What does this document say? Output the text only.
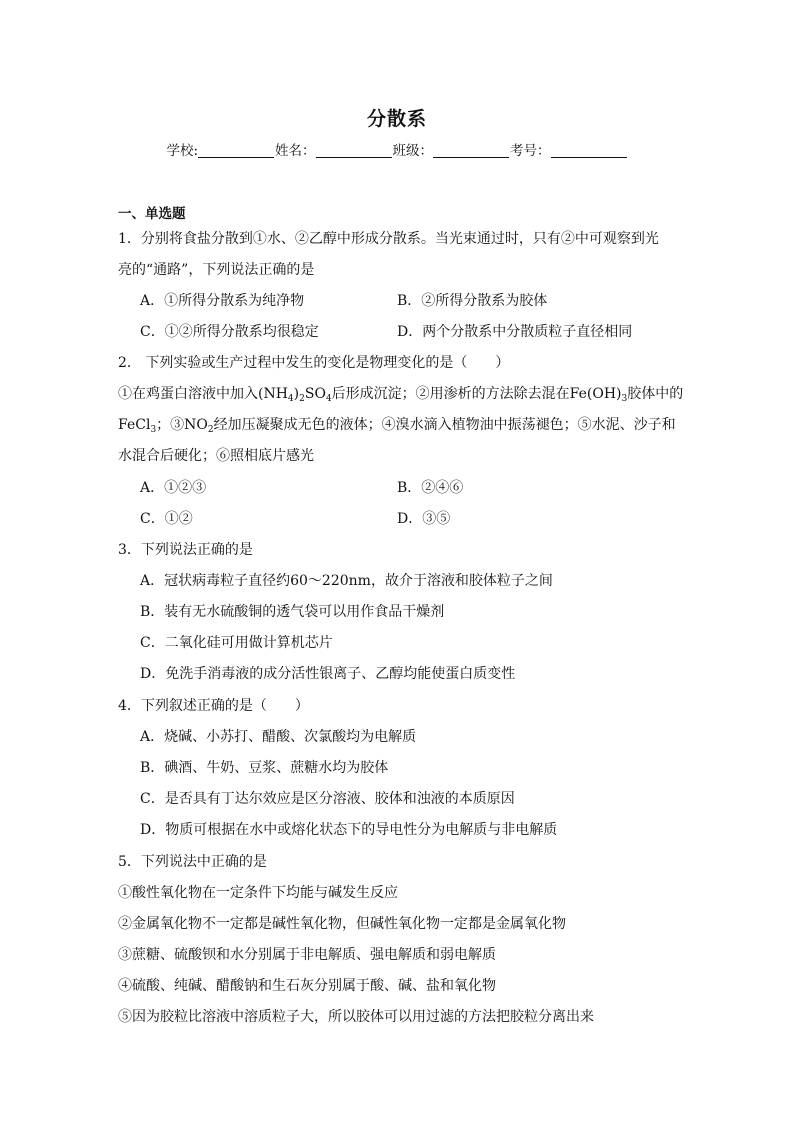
分散系
学校:	姓名：	班级：	考号：
一、单选题
1．分别将食盐分散到①水、②乙醇中形成分散系。当光束通过时，只有②中可观察到光
亮的“通路”，下列说法正确的是
A．①所得分散系为纯净物	B．②所得分散系为胶体
C．①②所得分散系均很稳定	D．两个分散系中分散质粒子直径相同
2． 下列实验或生产过程中发生的变化是物理变化的是（　　）
①在鸡蛋白溶液中加入$(NH_4)_2SO_4$后形成沉淀；②用渗析的方法除去混在$Fe(OH)_3$胶体中的
FeCl$_3$；$③NO_2$经加压凝聚成无色的液体；④溴水滴入植物油中振荡褪色；⑤水泥、沙子和
水混合后硬化；⑥照相底片感光
A．①②③	B．②④⑥
C．①②	D．③⑤
3．下列说法正确的是
A．冠状病毒粒子直径约60～220nm，故介于溶液和胶体粒子之间
B．装有无水硫酸铜的透气袋可以用作食品干燥剂
C．二氧化硅可用做计算机芯片
D．免洗手消毒液的成分活性银离子、乙醇均能使蛋白质变性
4．下列叙述正确的是（　　）
A．烧碱、小苏打、醋酸、次氯酸均为电解质
B．碘酒、牛奶、豆浆、蔗糖水均为胶体
C．是否具有丁达尔效应是区分溶液、胶体和浊液的本质原因
D．物质可根据在水中或熔化状态下的导电性分为电解质与非电解质
5．下列说法中正确的是
①酸性氧化物在一定条件下均能与碱发生反应
②金属氧化物不一定都是碱性氧化物，但碱性氧化物一定都是金属氧化物
③蔗糖、硫酸钡和水分别属于非电解质、强电解质和弱电解质
④硫酸、纯碱、醋酸钠和生石灰分别属于酸、碱、盐和氧化物
⑤因为胶粒比溶液中溶质粒子大，所以胶体可以用过滤的方法把胶粒分离出来
